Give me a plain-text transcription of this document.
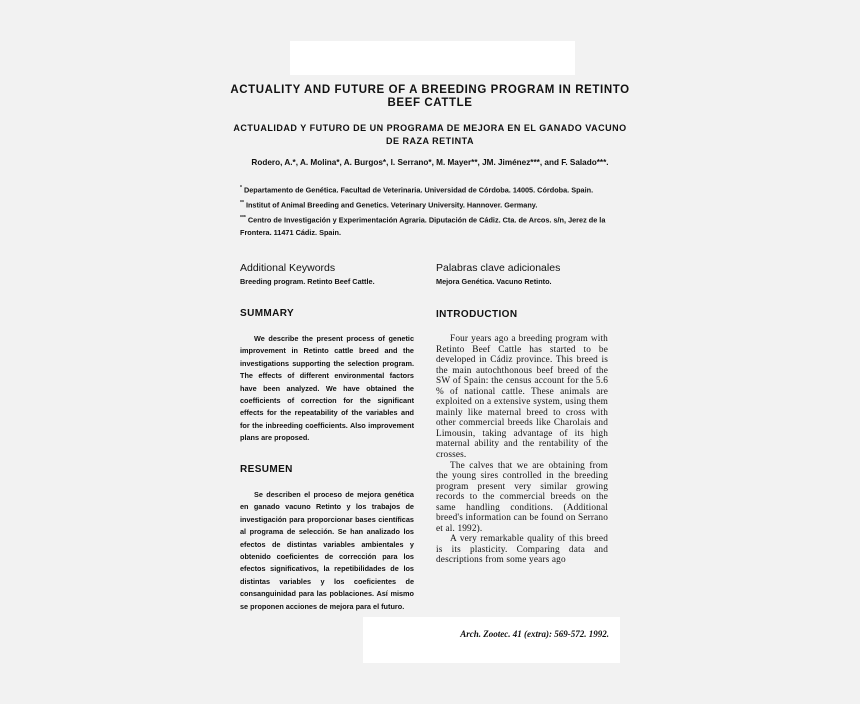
ACTUALITY AND FUTURE OF A BREEDING PROGRAM IN RETINTO BEEF CATTLE
ACTUALIDAD Y FUTURO DE UN PROGRAMA DE MEJORA EN EL GANADO VACUNO DE RAZA RETINTA
Rodero, A.*, A. Molina*, A. Burgos*, I. Serrano*, M. Mayer**, JM. Jiménez***, and F. Salado***.

* Departamento de Genética. Facultad de Veterinaria. Universidad de Córdoba. 14005. Córdoba. Spain.

** Institut of Animal Breeding and Genetics. Veterinary University. Hannover. Germany.

*** Centro de Investigación y Experimentación Agraria. Diputación de Cádiz. Cta. de Arcos. s/n, Jerez de la Frontera. 11471 Cádiz. Spain.

Additional Keywords
Breeding program. Retinto Beef Cattle.
Palabras clave adicionales
Mejora Genética. Vacuno Retinto.
SUMMARY

We describe the present process of genetic improvement in Retinto cattle breed and the investigations supporting the selection program. The effects of different environmental factors have been analyzed. We have obtained the coefficients of correction for the significant effects for the repeatability of the variables and for the inbreeding coefficients. Also improvement plans are proposed.

RESUMEN

Se describen el proceso de mejora genética en ganado vacuno Retinto y los trabajos de investigación para proporcionar bases científicas al programa de selección. Se han analizado los efectos de distintas variables ambientales y obtenido coeficientes de corrección para los efectos significativos, la repetibilidades de los distintas variables y los coeficientes de consanguinidad para las poblaciones. Así mismo se proponen acciones de mejora para el futuro.

INTRODUCTION

Four years ago a breeding program with Retinto Beef Cattle has started to be developed in Cádiz province. This breed is the main autochthonous beef breed of the SW of Spain: the census account for the 5.6 % of national cattle. These animals are exploited on a extensive system, using them mainly like maternal breed to cross with other commercial breeds like Charolais and Limousin, taking advantage of its high maternal ability and the rentability of the crosses.

The calves that we are obtaining from the young sires controlled in the breeding program present very similar growing records to the commercial breeds on the same handling conditions. (Additional breed's information can be found on Serrano et al. 1992).

A very remarkable quality of this breed is its plasticity. Comparing data and descriptions from some years ago

Arch. Zootec. 41 (extra): 569-572. 1992.
